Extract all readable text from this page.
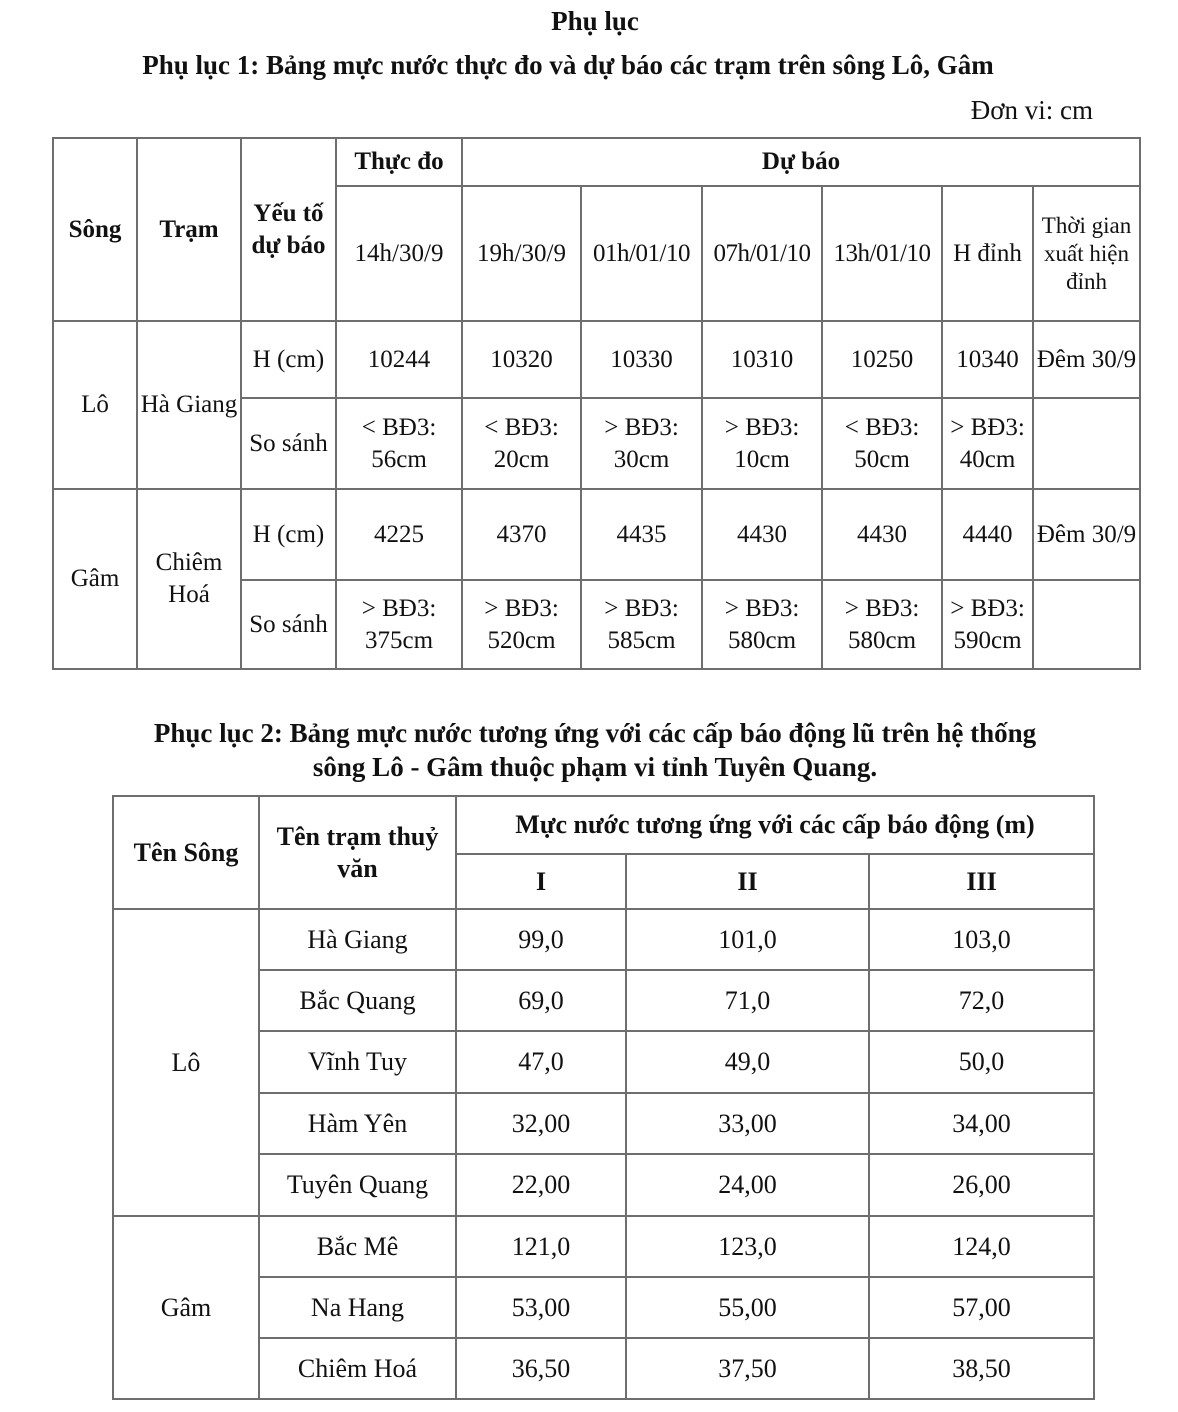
Phụ lục
Phụ lục 1: Bảng mực nước thực đo và dự báo các trạm trên sông Lô, Gâm
Đơn vi: cm
Sông	Trạm	Yếu tố dự báo	Thực đo	Dự báo					
			14h/30/9	19h/30/9	01h/01/10	07h/01/10	13h/01/10	H đỉnh	Thời gian xuất hiện đỉnh
Lô	Hà Giang	H (cm)	10244	10320	10330	10310	10250	10340	Đêm 30/9
		So sánh	< BĐ3: 56cm	< BĐ3: 20cm	> BĐ3: 30cm	> BĐ3: 10cm	< BĐ3: 50cm	> BĐ3: 40cm	
Gâm	Chiêm Hoá	H (cm)	4225	4370	4435	4430	4430	4440	Đêm 30/9
		So sánh	> BĐ3: 375cm	> BĐ3: 520cm	> BĐ3: 585cm	> BĐ3: 580cm	> BĐ3: 580cm	> BĐ3: 590cm	
Phục lục 2: Bảng mực nước tương ứng với các cấp báo động lũ trên hệ thống
sông Lô - Gâm thuộc phạm vi tỉnh Tuyên Quang.
Tên Sông	Tên trạm thuỷ văn	Mực nước tương ứng với các cấp báo động (m)		
		I	II	III
Lô	Hà Giang	99,0	101,0	103,0
	Bắc Quang	69,0	71,0	72,0
	Vĩnh Tuy	47,0	49,0	50,0
	Hàm Yên	32,00	33,00	34,00
	Tuyên Quang	22,00	24,00	26,00
Gâm	Bắc Mê	121,0	123,0	124,0
	Na Hang	53,00	55,00	57,00
	Chiêm Hoá	36,50	37,50	38,50
